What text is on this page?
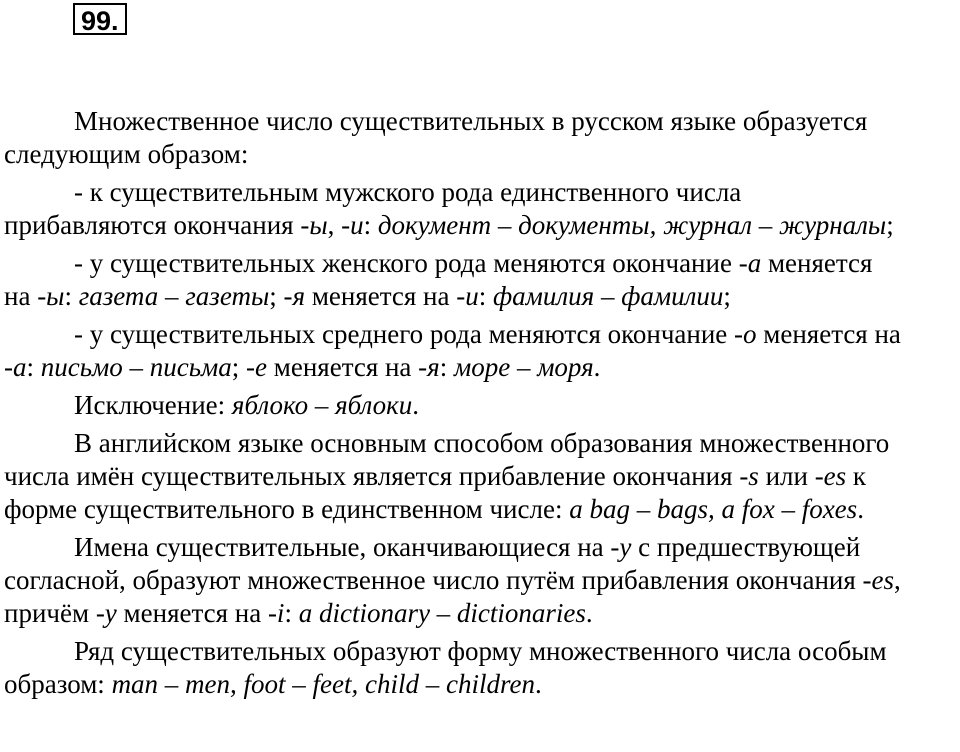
99.
Множественное число существительных в русском языке образуется
следующим образом:
- к существительным мужского рода единственного числа
прибавляются окончания -ы, -и: документ – документы, журнал – журналы;
- у существительных женского рода меняются окончание -а меняется
на -ы: газета – газеты; -я меняется на -и: фамилия – фамилии;
- у существительных среднего рода меняются окончание -о меняется на
-а: письмо – письма; -е меняется на -я: море – моря.
Исключение: яблоко – яблоки.
В английском языке основным способом образования множественного
числа имён существительных является прибавление окончания -s или -es к
форме существительного в единственном числе: a bag – bags, a fox – foxes.
Имена существительные, оканчивающиеся на -y с предшествующей
согласной, образуют множественное число путём прибавления окончания -es,
причём -y меняется на -i: a dictionary – dictionaries.
Ряд существительных образуют форму множественного числа особым
образом: man – men, foot – feet, child – children.
